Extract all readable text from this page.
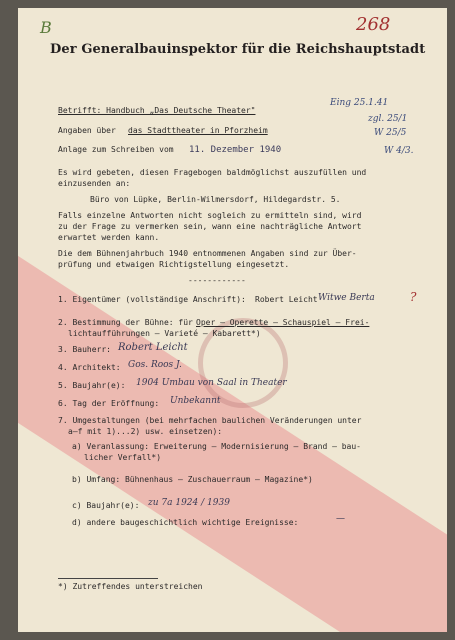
B	268
Der Generalbauinspektor für die Reichshauptstadt
Betrifft: Handbuch „Das Deutsche Theater"
Angaben über das Stadttheater in Pforzheim
Anlage zum Schreiben vom 11. Dezember 1940
Eing 25.1.41
zgl. 25/1
W 25/5
W 4/3.
Es wird gebeten, diesen Fragebogen baldmöglichst auszufüllen und
einzusenden an:
Büro von Lüpke, Berlin-Wilmersdorf, Hildegardstr. 5.
Falls einzelne Antworten nicht sogleich zu ermitteln sind, wird
zu der Frage zu vermerken sein, wann eine nachträgliche Antwort
erwartet werden kann.
Die dem Bühnenjahrbuch 1940 entnommenen Angaben sind zur Über-
prüfung und etwaigen Richtigstellung eingesetzt.
------------
1. Eigentümer (vollständige Anschrift): Robert Leicht Witwe Berta	?
2. Bestimmung der Bühne: für Oper — Operette — Schauspiel — Frei-
lichtaufführungen — Varieté — Kabarett*)
3. Bauherr: Robert Leicht
4. Architekt: Gos. Roos J.
5. Baujahr(e): 1904 Umbau von Saal in Theater
6. Tag der Eröffnung: Unbekannt
7. Umgestaltungen (bei mehrfachen baulichen Veränderungen unter
a—f mit 1)...2) usw. einsetzen):
a) Veranlassung: Erweiterung — Modernisierung — Brand — bau-
licher Verfall*)
b) Umfang: Bühnenhaus — Zuschauerraum — Magazine*)
c) Baujahr(e): zu 7a 1924 / 1939
d) andere baugeschichtlich wichtige Ereignisse:	—
*) Zutreffendes unterstreichen
